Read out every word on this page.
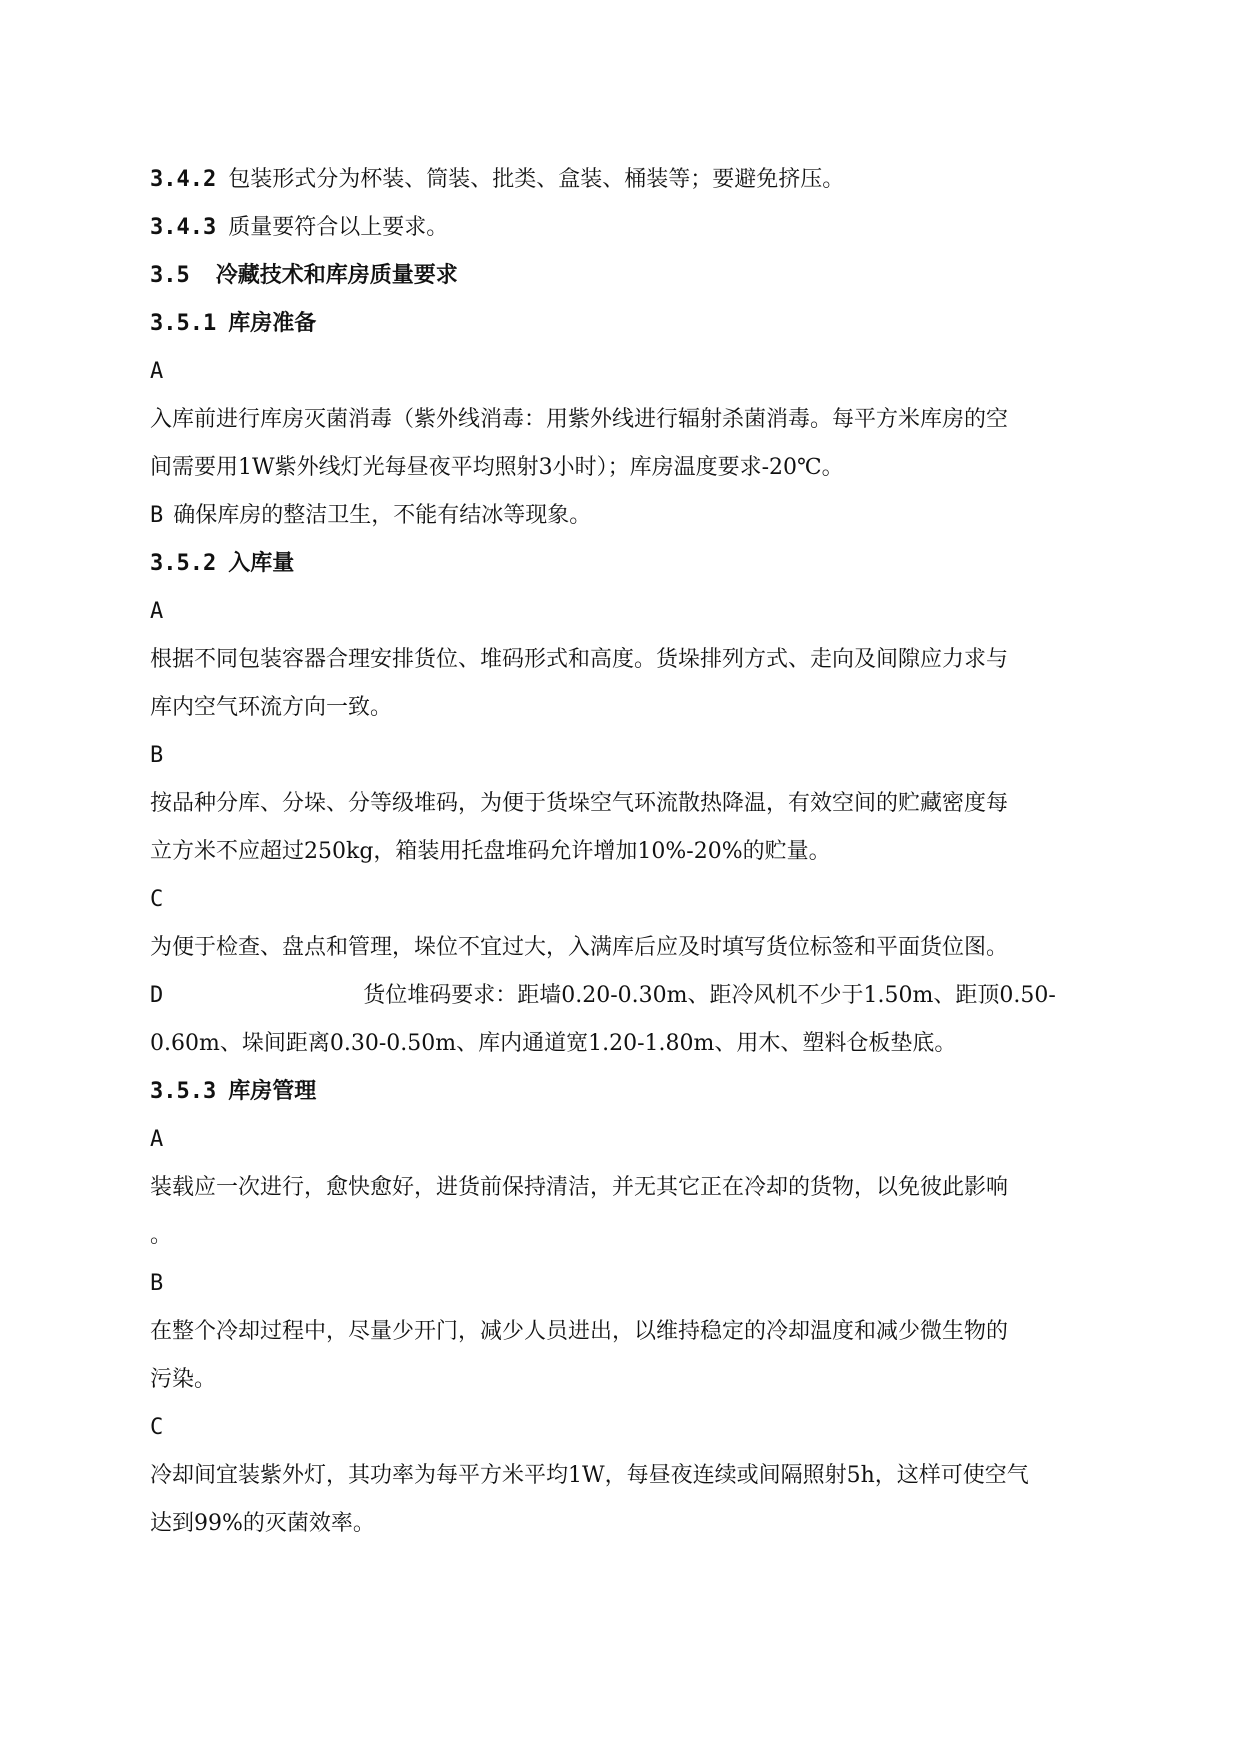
3.4.2 包装形式分为杯装、筒装、批类、盒装、桶装等；要避免挤压。
3.4.3 质量要符合以上要求。
3.5 冷藏技术和库房质量要求
3.5.1 库房准备
A
入库前进行库房灭菌消毒（紫外线消毒：用紫外线进行辐射杀菌消毒。每平方米库房的空
间需要用1W紫外线灯光每昼夜平均照射3小时）；库房温度要求-20℃。
B 确保库房的整洁卫生，不能有结冰等现象。
3.5.2 入库量
A
根据不同包装容器合理安排货位、堆码形式和高度。货垛排列方式、走向及间隙应力求与
库内空气环流方向一致。
B
按品种分库、分垛、分等级堆码，为便于货垛空气环流散热降温，有效空间的贮藏密度每
立方米不应超过250kg，箱装用托盘堆码允许增加10%-20%的贮量。
C
为便于检查、盘点和管理，垛位不宜过大，入满库后应及时填写货位标签和平面货位图。
D	货位堆码要求：距墙0.20-0.30m、距冷风机不少于1.50m、距顶0.50-
0.60m、垛间距离0.30-0.50m、库内通道宽1.20-1.80m、用木、塑料仓板垫底。
3.5.3 库房管理
A
装载应一次进行，愈快愈好，进货前保持清洁，并无其它正在冷却的货物，以免彼此影响
。
B
在整个冷却过程中，尽量少开门，减少人员进出，以维持稳定的冷却温度和减少微生物的
污染。
C
冷却间宜装紫外灯，其功率为每平方米平均1W，每昼夜连续或间隔照射5h，这样可使空气
达到99%的灭菌效率。
